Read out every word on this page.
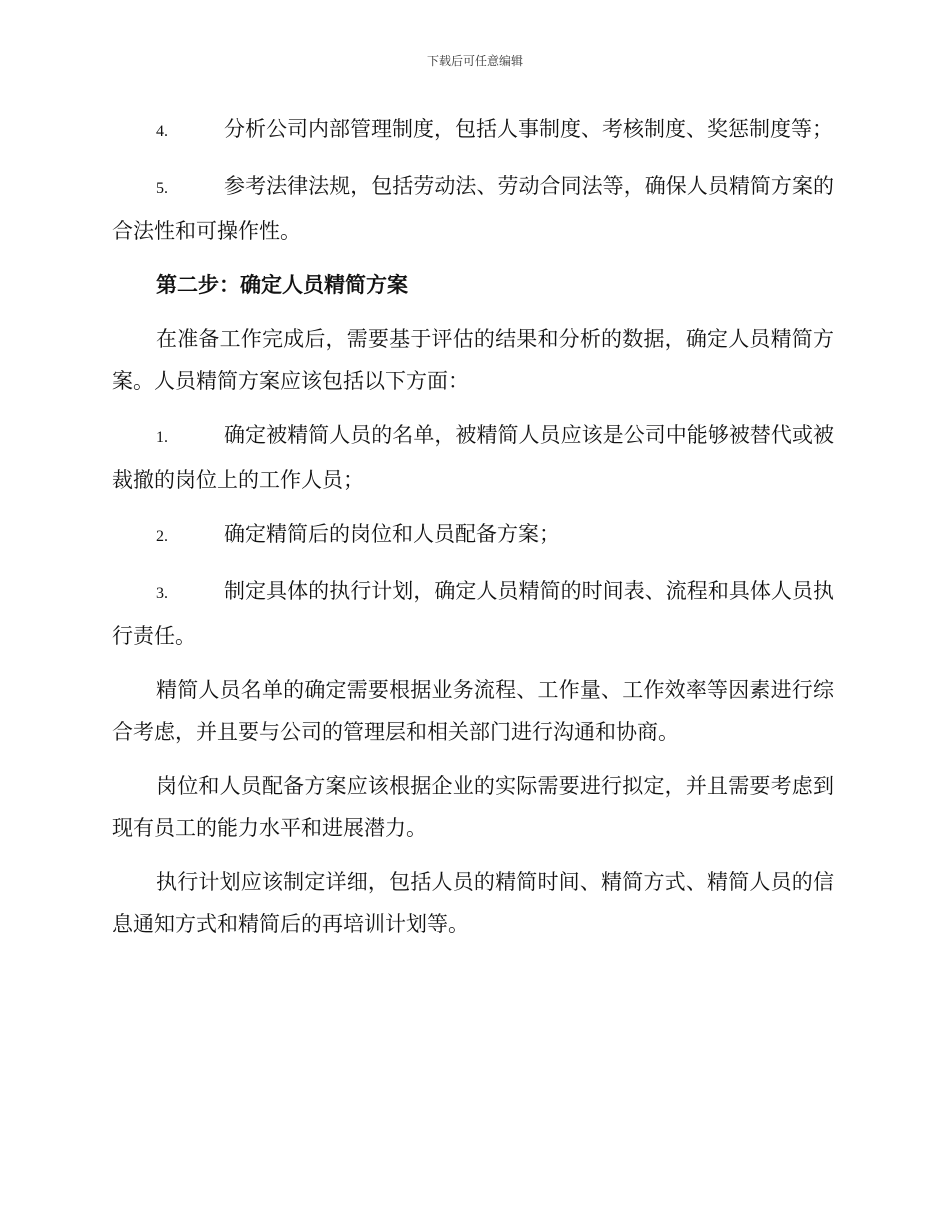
下载后可任意编辑

4.	分析公司内部管理制度，包括人事制度、考核制度、奖惩制度等；

5.	参考法律法规，包括劳动法、劳动合同法等，确保人员精简方案的合法性和可操作性。

第二步：确定人员精简方案

在准备工作完成后，需要基于评估的结果和分析的数据，确定人员精简方案。人员精简方案应该包括以下方面：

1.	确定被精简人员的名单，被精简人员应该是公司中能够被替代或被裁撤的岗位上的工作人员；

2.	确定精简后的岗位和人员配备方案；

3.	制定具体的执行计划，确定人员精简的时间表、流程和具体人员执行责任。

精简人员名单的确定需要根据业务流程、工作量、工作效率等因素进行综合考虑，并且要与公司的管理层和相关部门进行沟通和协商。

岗位和人员配备方案应该根据企业的实际需要进行拟定，并且需要考虑到现有员工的能力水平和进展潜力。

执行计划应该制定详细，包括人员的精简时间、精简方式、精简人员的信息通知方式和精简后的再培训计划等。
